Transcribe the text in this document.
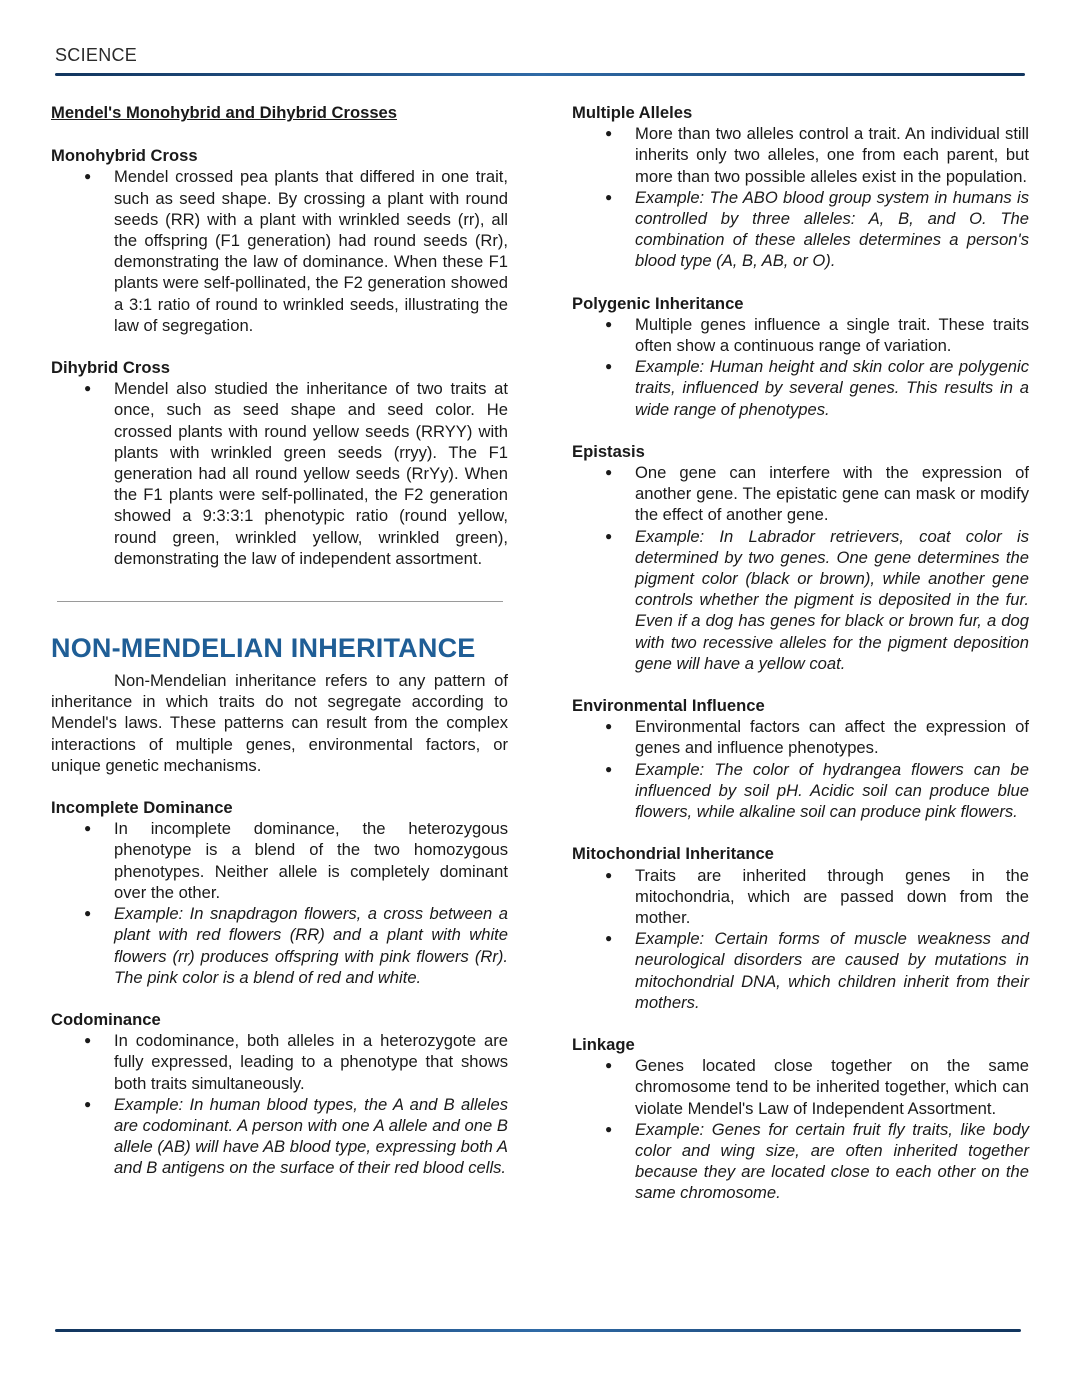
SCIENCE
Mendel's Monohybrid and Dihybrid Crosses
Monohybrid Cross
● Mendel crossed pea plants that differed in one trait, such as seed shape. By crossing a plant with round seeds (RR) with a plant with wrinkled seeds (rr), all the offspring (F1 generation) had round seeds (Rr), demonstrating the law of dominance. When these F1 plants were self-pollinated, the F2 generation showed a 3:1 ratio of round to wrinkled seeds, illustrating the law of segregation.
Dihybrid Cross
● Mendel also studied the inheritance of two traits at once, such as seed shape and seed color. He crossed plants with round yellow seeds (RRYY) with plants with wrinkled green seeds (rryy). The F1 generation had all round yellow seeds (RrYy). When the F1 plants were self-pollinated, the F2 generation showed a 9:3:3:1 phenotypic ratio (round yellow, round green, wrinkled yellow, wrinkled green), demonstrating the law of independent assortment.
NON-MENDELIAN INHERITANCE

Non-Mendelian inheritance refers to any pattern of inheritance in which traits do not segregate according to Mendel's laws. These patterns can result from the complex interactions of multiple genes, environmental factors, or unique genetic mechanisms.

Incomplete Dominance
● In incomplete dominance, the heterozygous phenotype is a blend of the two homozygous phenotypes. Neither allele is completely dominant over the other.
● Example: In snapdragon flowers, a cross between a plant with red flowers (RR) and a plant with white flowers (rr) produces offspring with pink flowers (Rr). The pink color is a blend of red and white.
Codominance
● In codominance, both alleles in a heterozygote are fully expressed, leading to a phenotype that shows both traits simultaneously.
● Example: In human blood types, the A and B alleles are codominant. A person with one A allele and one B allele (AB) will have AB blood type, expressing both A and B antigens on the surface of their red blood cells.
Multiple Alleles
● More than two alleles control a trait. An individual still inherits only two alleles, one from each parent, but more than two possible alleles exist in the population.
● Example: The ABO blood group system in humans is controlled by three alleles: A, B, and O. The combination of these alleles determines a person's blood type (A, B, AB, or O).
Polygenic Inheritance
● Multiple genes influence a single trait. These traits often show a continuous range of variation.
● Example: Human height and skin color are polygenic traits, influenced by several genes. This results in a wide range of phenotypes.
Epistasis
● One gene can interfere with the expression of another gene. The epistatic gene can mask or modify the effect of another gene.
● Example: In Labrador retrievers, coat color is determined by two genes. One gene determines the pigment color (black or brown), while another gene controls whether the pigment is deposited in the fur. Even if a dog has genes for black or brown fur, a dog with two recessive alleles for the pigment deposition gene will have a yellow coat.
Environmental Influence
● Environmental factors can affect the expression of genes and influence phenotypes.
● Example: The color of hydrangea flowers can be influenced by soil pH. Acidic soil can produce blue flowers, while alkaline soil can produce pink flowers.
Mitochondrial Inheritance
● Traits are inherited through genes in the mitochondria, which are passed down from the mother.
● Example: Certain forms of muscle weakness and neurological disorders are caused by mutations in mitochondrial DNA, which children inherit from their mothers.
Linkage
● Genes located close together on the same chromosome tend to be inherited together, which can violate Mendel's Law of Independent Assortment.
● Example: Genes for certain fruit fly traits, like body color and wing size, are often inherited together because they are located close to each other on the same chromosome.
